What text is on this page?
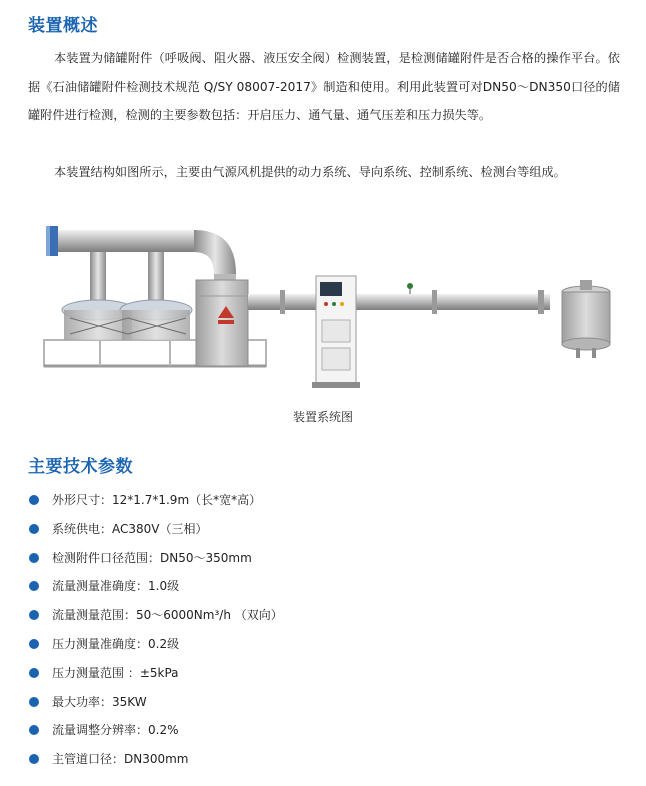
装置概述

本装置为储罐附件（呼吸阀、阻火器、液压安全阀）检测装置，是检测储罐附件是否合格的操作平台。依据《石油储罐附件检测技术规范 Q/SY 08007-2017》制造和使用。利用此装置可对DN50～DN350口径的储罐附件进行检测，检测的主要参数包括：开启压力、通气量、通气压差和压力损失等。

本装置结构如图所示，主要由气源风机提供的动力系统、导向系统、控制系统、检测台等组成。

装置系统图
主要技术参数
外形尺寸：12*1.7*1.9m（长*宽*高）
系统供电：AC380V（三相）
检测附件口径范围：DN50～350mm
流量测量准确度：1.0级
流量测量范围：50～6000Nm³/h （双向）
压力测量准确度：0.2级
压力测量范围 ：±5kPa
最大功率：35KW
流量调整分辨率：0.2%
主管道口径：DN300mm
